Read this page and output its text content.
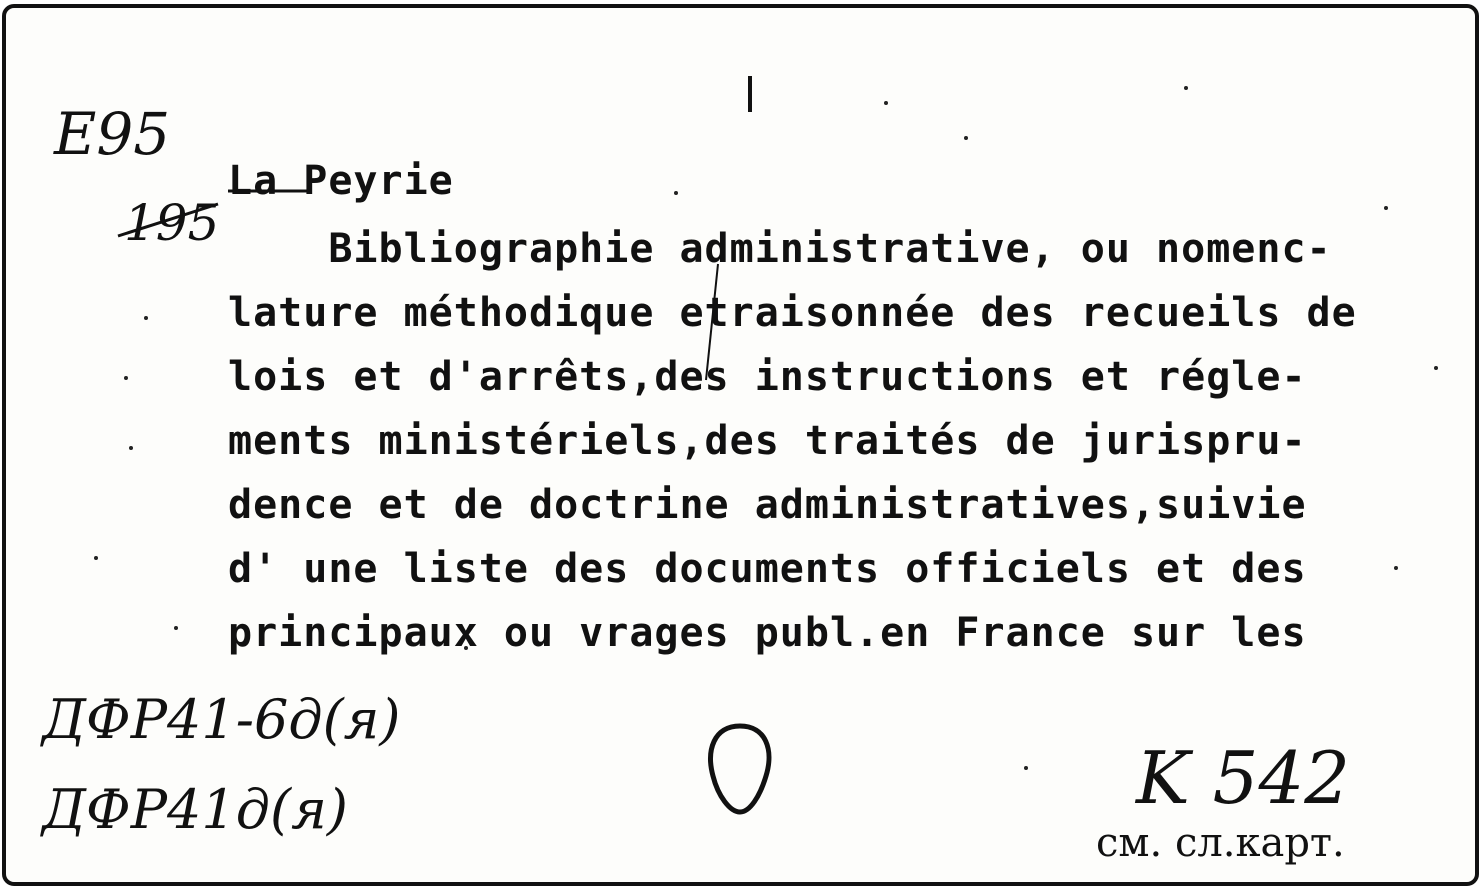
E95
195
La Peyrie
Bibliographie administrative, ou nomenc-
lature méthodique etraisonnée des recueils de
lois et d'arrêts,des instructions et régle-
ments ministériels,des traités de jurispru-
dence et de doctrine administratives,suivie
d' une liste des documents officiels et des
principaux ou vrages publ.en France sur les
ДФР41-6д(я)
ДФР41д(я)	K 542
см. сл.карт.
